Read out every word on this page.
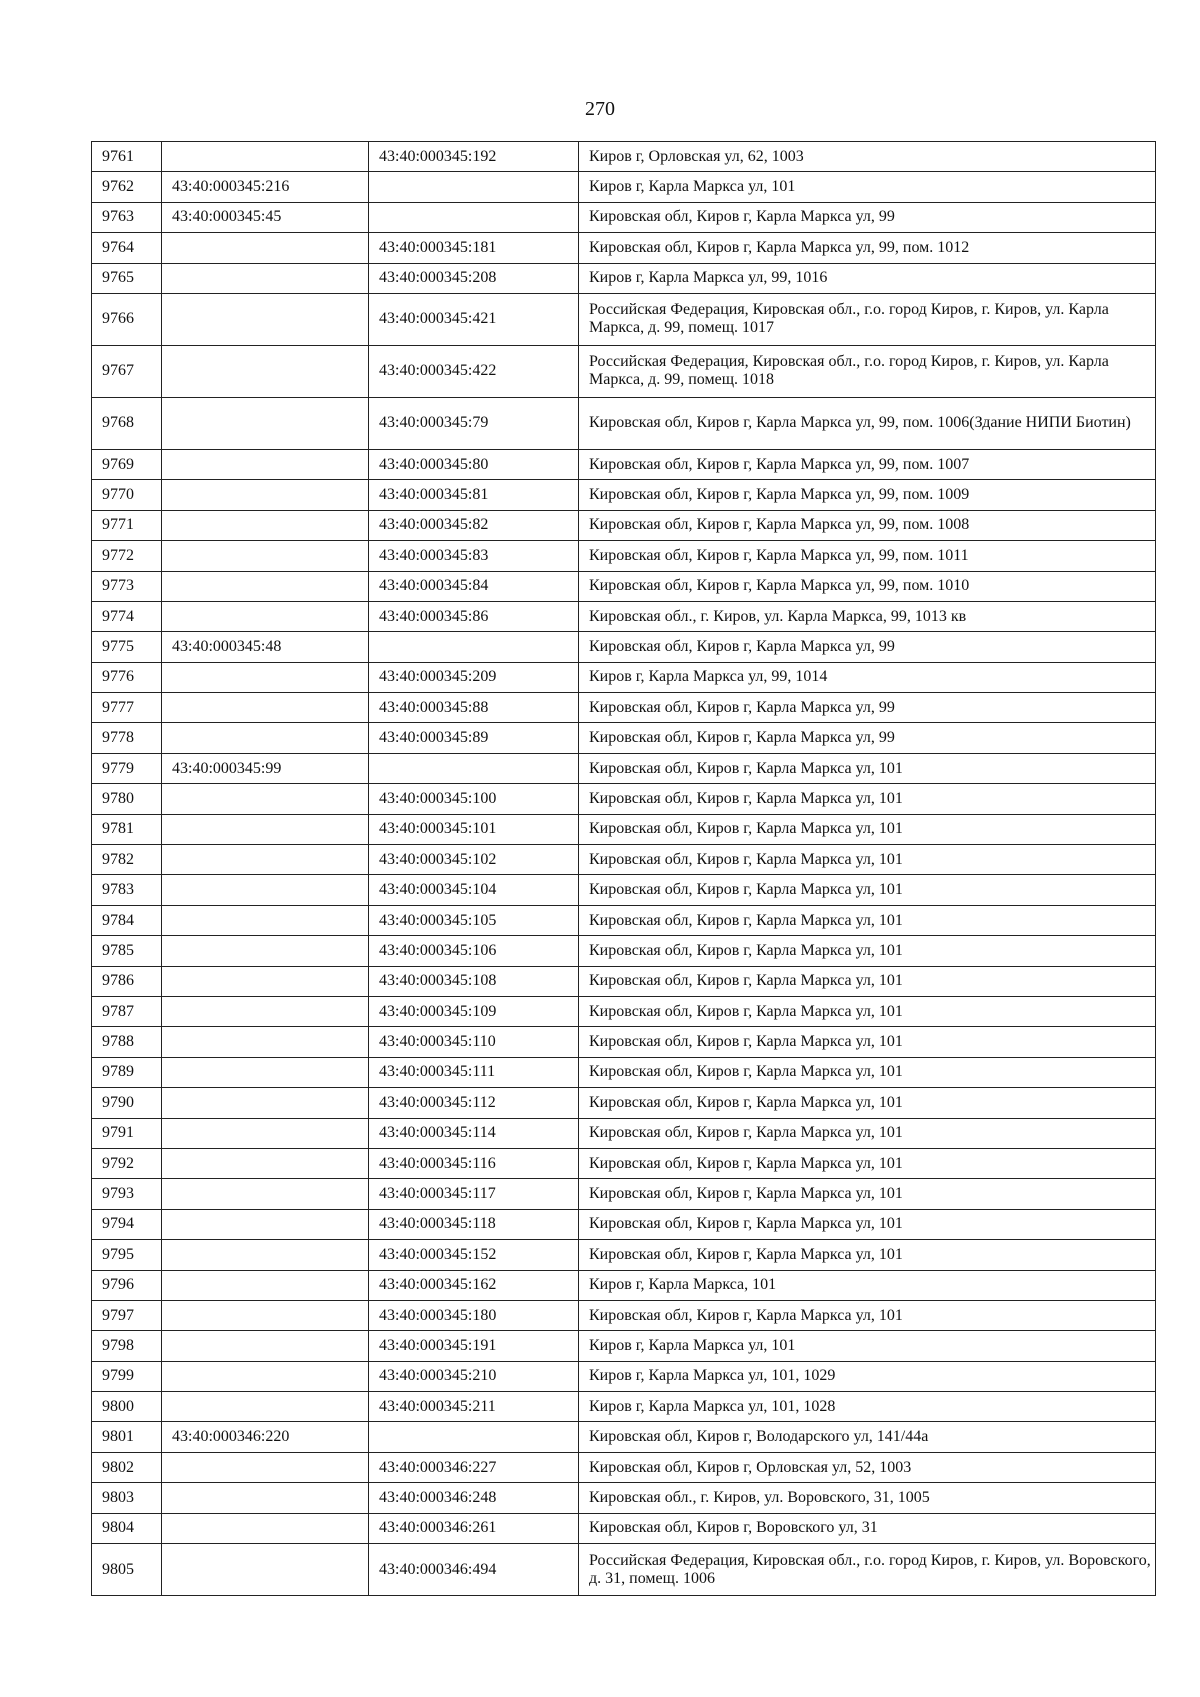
270
9761		43:40:000345:192	Киров г, Орловская ул, 62, 1003
9762	43:40:000345:216		Киров г, Карла Маркса ул, 101
9763	43:40:000345:45		Кировская обл, Киров г, Карла Маркса ул, 99
9764		43:40:000345:181	Кировская обл, Киров г, Карла Маркса ул, 99, пом. 1012
9765		43:40:000345:208	Киров г, Карла Маркса ул, 99, 1016
9766		43:40:000345:421	Российская Федерация, Кировская обл., г.о. город Киров, г. Киров, ул. Карла Маркса, д. 99, помещ. 1017
9767		43:40:000345:422	Российская Федерация, Кировская обл., г.о. город Киров, г. Киров, ул. Карла Маркса, д. 99, помещ. 1018
9768		43:40:000345:79	Кировская обл, Киров г, Карла Маркса ул, 99, пом. 1006(Здание НИПИ Биотин)
9769		43:40:000345:80	Кировская обл, Киров г, Карла Маркса ул, 99, пом. 1007
9770		43:40:000345:81	Кировская обл, Киров г, Карла Маркса ул, 99, пом. 1009
9771		43:40:000345:82	Кировская обл, Киров г, Карла Маркса ул, 99, пом. 1008
9772		43:40:000345:83	Кировская обл, Киров г, Карла Маркса ул, 99, пом. 1011
9773		43:40:000345:84	Кировская обл, Киров г, Карла Маркса ул, 99, пом. 1010
9774		43:40:000345:86	Кировская обл., г. Киров, ул. Карла Маркса, 99, 1013 кв
9775	43:40:000345:48		Кировская обл, Киров г, Карла Маркса ул, 99
9776		43:40:000345:209	Киров г, Карла Маркса ул, 99, 1014
9777		43:40:000345:88	Кировская обл, Киров г, Карла Маркса ул, 99
9778		43:40:000345:89	Кировская обл, Киров г, Карла Маркса ул, 99
9779	43:40:000345:99		Кировская обл, Киров г, Карла Маркса ул, 101
9780		43:40:000345:100	Кировская обл, Киров г, Карла Маркса ул, 101
9781		43:40:000345:101	Кировская обл, Киров г, Карла Маркса ул, 101
9782		43:40:000345:102	Кировская обл, Киров г, Карла Маркса ул, 101
9783		43:40:000345:104	Кировская обл, Киров г, Карла Маркса ул, 101
9784		43:40:000345:105	Кировская обл, Киров г, Карла Маркса ул, 101
9785		43:40:000345:106	Кировская обл, Киров г, Карла Маркса ул, 101
9786		43:40:000345:108	Кировская обл, Киров г, Карла Маркса ул, 101
9787		43:40:000345:109	Кировская обл, Киров г, Карла Маркса ул, 101
9788		43:40:000345:110	Кировская обл, Киров г, Карла Маркса ул, 101
9789		43:40:000345:111	Кировская обл, Киров г, Карла Маркса ул, 101
9790		43:40:000345:112	Кировская обл, Киров г, Карла Маркса ул, 101
9791		43:40:000345:114	Кировская обл, Киров г, Карла Маркса ул, 101
9792		43:40:000345:116	Кировская обл, Киров г, Карла Маркса ул, 101
9793		43:40:000345:117	Кировская обл, Киров г, Карла Маркса ул, 101
9794		43:40:000345:118	Кировская обл, Киров г, Карла Маркса ул, 101
9795		43:40:000345:152	Кировская обл, Киров г, Карла Маркса ул, 101
9796		43:40:000345:162	Киров г, Карла Маркса, 101
9797		43:40:000345:180	Кировская обл, Киров г, Карла Маркса ул, 101
9798		43:40:000345:191	Киров г, Карла Маркса ул, 101
9799		43:40:000345:210	Киров г, Карла Маркса ул, 101, 1029
9800		43:40:000345:211	Киров г, Карла Маркса ул, 101, 1028
9801	43:40:000346:220		Кировская обл, Киров г, Володарского ул, 141/44а
9802		43:40:000346:227	Кировская обл, Киров г, Орловская ул, 52, 1003
9803		43:40:000346:248	Кировская обл., г. Киров, ул. Воровского, 31, 1005
9804		43:40:000346:261	Кировская обл, Киров г, Воровского ул, 31
9805		43:40:000346:494	Российская Федерация, Кировская обл., г.о. город Киров, г. Киров, ул. Воровского, д. 31, помещ. 1006
